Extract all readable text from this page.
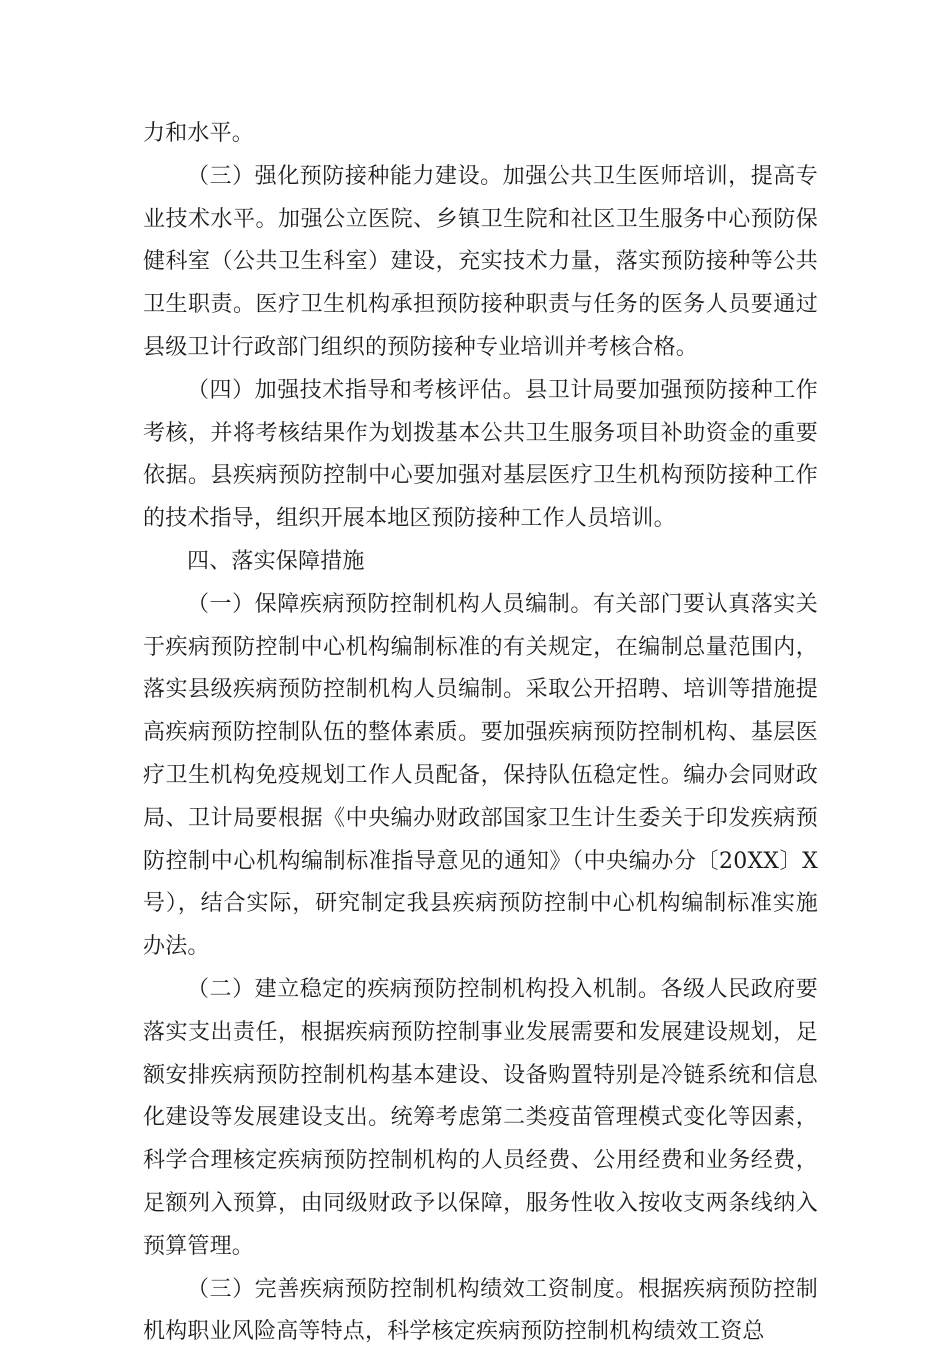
力和水平。

（三）强化预防接种能力建设。加强公共卫生医师培训，提高专业技术水平。加强公立医院、乡镇卫生院和社区卫生服务中心预防保健科室（公共卫生科室）建设，充实技术力量，落实预防接种等公共卫生职责。医疗卫生机构承担预防接种职责与任务的医务人员要通过县级卫计行政部门组织的预防接种专业培训并考核合格。

（四）加强技术指导和考核评估。县卫计局要加强预防接种工作考核，并将考核结果作为划拨基本公共卫生服务项目补助资金的重要依据。县疾病预防控制中心要加强对基层医疗卫生机构预防接种工作的技术指导，组织开展本地区预防接种工作人员培训。

四、落实保障措施

（一）保障疾病预防控制机构人员编制。有关部门要认真落实关于疾病预防控制中心机构编制标准的有关规定，在编制总量范围内，落实县级疾病预防控制机构人员编制。采取公开招聘、培训等措施提高疾病预防控制队伍的整体素质。要加强疾病预防控制机构、基层医疗卫生机构免疫规划工作人员配备，保持队伍稳定性。编办会同财政局、卫计局要根据《中央编办财政部国家卫生计生委关于印发疾病预防控制中心机构编制标准指导意见的通知》（中央编办分〔20XX〕X号），结合实际，研究制定我县疾病预防控制中心机构编制标准实施办法。

（二）建立稳定的疾病预防控制机构投入机制。各级人民政府要落实支出责任，根据疾病预防控制事业发展需要和发展建设规划，足额安排疾病预防控制机构基本建设、设备购置特别是冷链系统和信息化建设等发展建设支出。统筹考虑第二类疫苗管理模式变化等因素，科学合理核定疾病预防控制机构的人员经费、公用经费和业务经费，足额列入预算，由同级财政予以保障，服务性收入按收支两条线纳入预算管理。

（三）完善疾病预防控制机构绩效工资制度。根据疾病预防控制机构职业风险高等特点，科学核定疾病预防控制机构绩效工资总
